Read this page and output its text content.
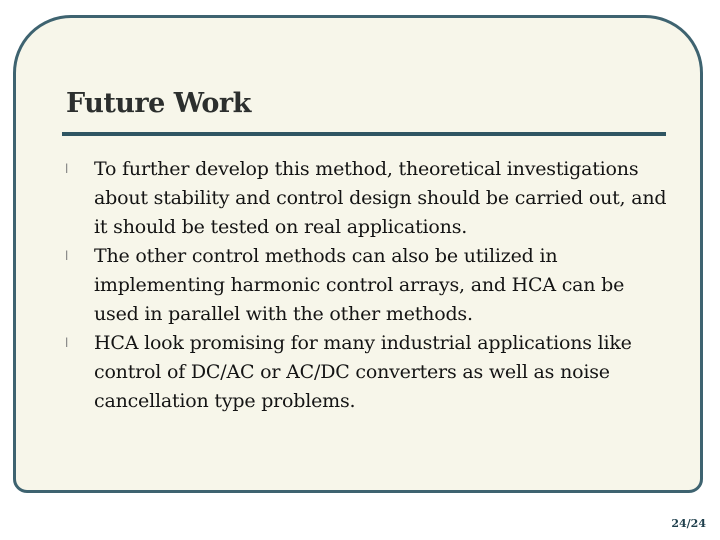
Future Work
l To further develop this method, theoretical investigations about stability and control design should be carried out, and it should be tested on real applications.
l The other control methods can also be utilized in implementing harmonic control arrays, and HCA can be used in parallel with the other methods.
l HCA look promising for many industrial applications like control of DC/AC or AC/DC converters as well as noise cancellation type problems.
24/24
